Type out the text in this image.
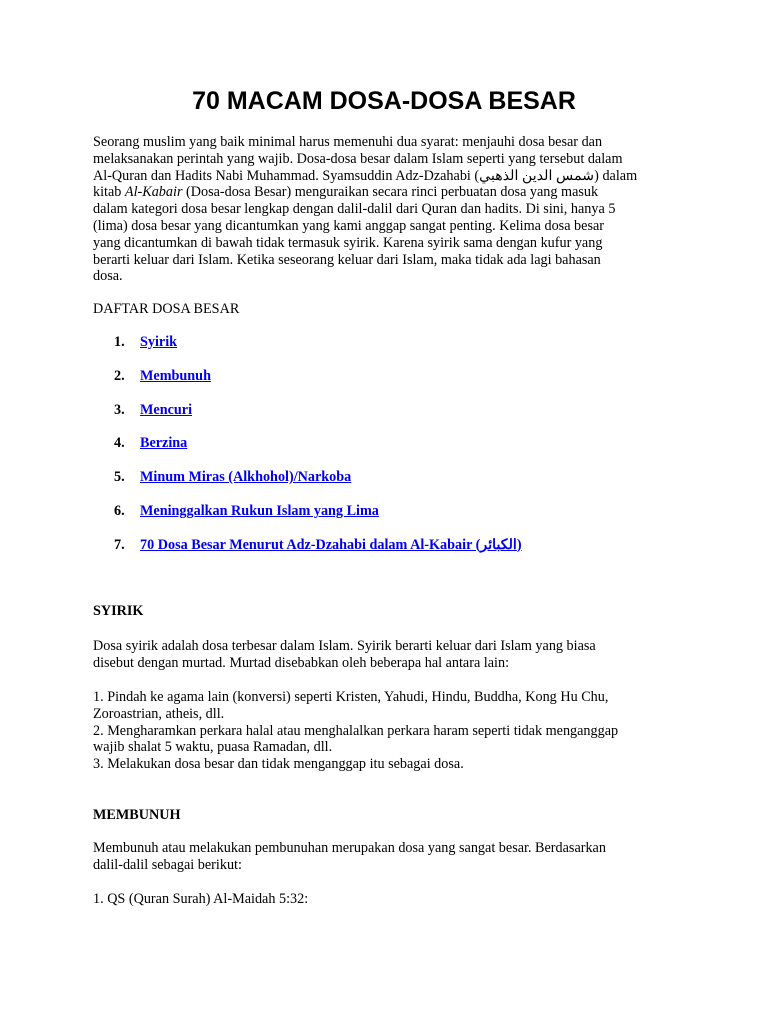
70 MACAM DOSA-DOSA BESAR
Seorang muslim yang baik minimal harus memenuhi dua syarat: menjauhi dosa besar dan
melaksanakan perintah yang wajib. Dosa-dosa besar dalam Islam seperti yang tersebut dalam
Al-Quran dan Hadits Nabi Muhammad. Syamsuddin Adz-Dzahabi (شمس الدين الذهبي) dalam
kitab Al-Kabair (Dosa-dosa Besar) menguraikan secara rinci perbuatan dosa yang masuk
dalam kategori dosa besar lengkap dengan dalil-dalil dari Quran dan hadits. Di sini, hanya 5
(lima) dosa besar yang dicantumkan yang kami anggap sangat penting. Kelima dosa besar
yang dicantumkan di bawah tidak termasuk syirik. Karena syirik sama dengan kufur yang
berarti keluar dari Islam. Ketika seseorang keluar dari Islam, maka tidak ada lagi bahasan
dosa.

DAFTAR DOSA BESAR

1.	Syirik
2.	Membunuh
3.	Mencuri
4.	Berzina
5.	Minum Miras (Alkhohol)/Narkoba
6.	Meninggalkan Rukun Islam yang Lima
7.	70 Dosa Besar Menurut Adz-Dzahabi dalam Al-Kabair (الكبائر)
SYIRIK
Dosa syirik adalah dosa terbesar dalam Islam. Syirik berarti keluar dari Islam yang biasa
disebut dengan murtad. Murtad disebabkan oleh beberapa hal antara lain:
1. Pindah ke agama lain (konversi) seperti Kristen, Yahudi, Hindu, Buddha, Kong Hu Chu,
Zoroastrian, atheis, dll.
2. Mengharamkan perkara halal atau menghalalkan perkara haram seperti tidak menganggap
wajib shalat 5 waktu, puasa Ramadan, dll.
3. Melakukan dosa besar dan tidak menganggap itu sebagai dosa.
MEMBUNUH
Membunuh atau melakukan pembunuhan merupakan dosa yang sangat besar. Berdasarkan
dalil-dalil sebagai berikut:
1. QS (Quran Surah) Al-Maidah 5:32:
